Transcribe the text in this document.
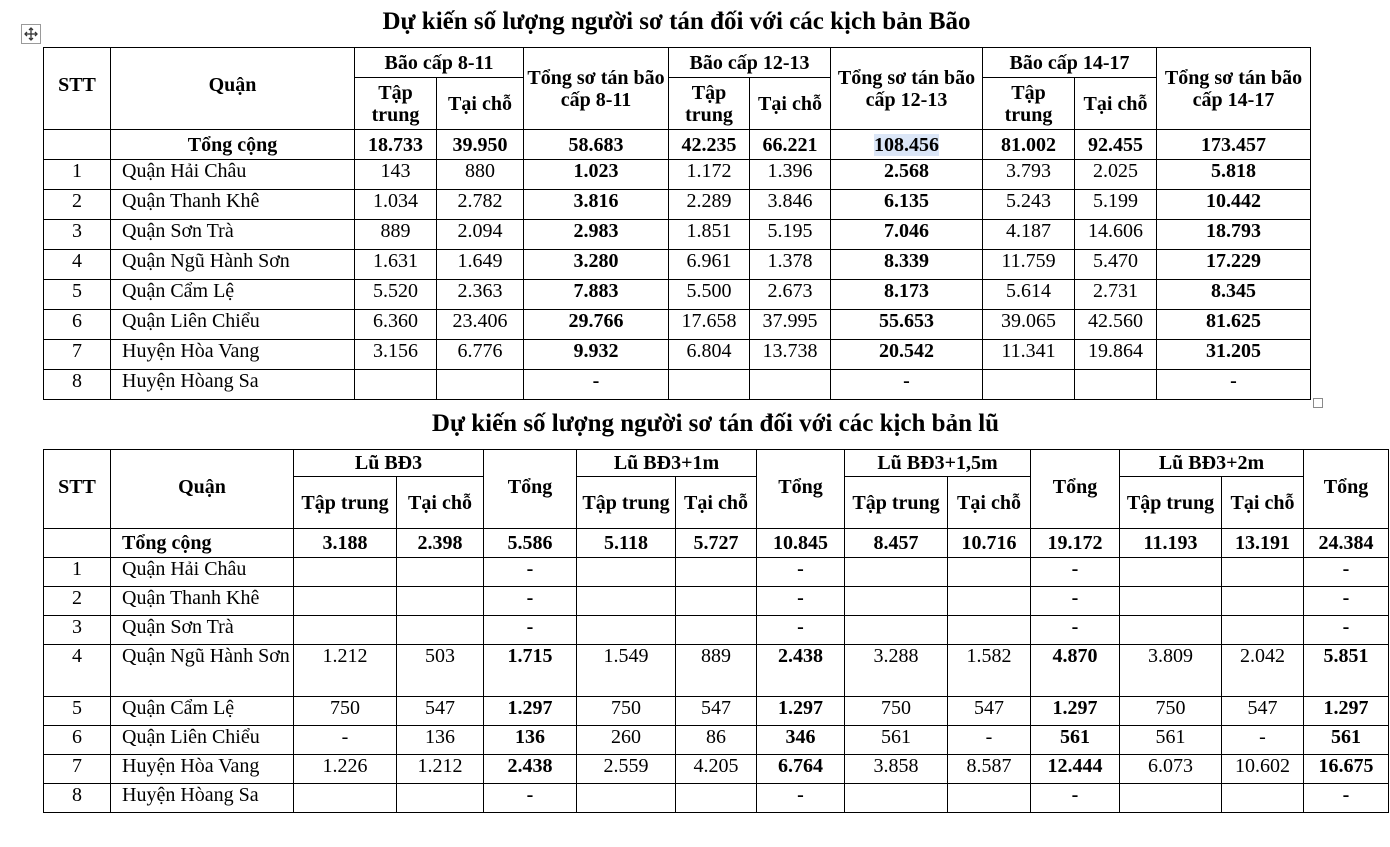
Dự kiến số lượng người sơ tán đối với các kịch bản Bão
STT	Quận	Bão cấp 8-11		Tổng sơ tán bão cấp 8-11	Bão cấp 12-13		Tổng sơ tán bão cấp 12-13	Bão cấp 14-17		Tổng sơ tán bão cấp 14-17
		Tập trung	Tại chỗ		Tập trung	Tại chỗ		Tập trung	Tại chỗ	
	Tổng cộng	18.733	39.950	58.683	42.235	66.221	108.456	81.002	92.455	173.457
1	Quận Hải Châu	143	880	1.023	1.172	1.396	2.568	3.793	2.025	5.818
2	Quận Thanh Khê	1.034	2.782	3.816	2.289	3.846	6.135	5.243	5.199	10.442
3	Quận Sơn Trà	889	2.094	2.983	1.851	5.195	7.046	4.187	14.606	18.793
4	Quận Ngũ Hành Sơn	1.631	1.649	3.280	6.961	1.378	8.339	11.759	5.470	17.229
5	Quận Cẩm Lệ	5.520	2.363	7.883	5.500	2.673	8.173	5.614	2.731	8.345
6	Quận Liên Chiểu	6.360	23.406	29.766	17.658	37.995	55.653	39.065	42.560	81.625
7	Huyện Hòa Vang	3.156	6.776	9.932	6.804	13.738	20.542	11.341	19.864	31.205
8	Huyện Hòang Sa			-			-			-
Dự kiến số lượng người sơ tán đối với các kịch bản lũ
STT	Quận	Lũ BĐ3		Tổng	Lũ BĐ3+1m		Tổng	Lũ BĐ3+1,5m		Tổng	Lũ BĐ3+2m		Tổng
		Tập trung	Tại chỗ		Tập trung	Tại chỗ		Tập trung	Tại chỗ		Tập trung	Tại chỗ	
	Tổng cộng	3.188	2.398	5.586	5.118	5.727	10.845	8.457	10.716	19.172	11.193	13.191	24.384
1	Quận Hải Châu			-			-			-			-
2	Quận Thanh Khê			-			-			-			-
3	Quận Sơn Trà			-			-			-			-
4	Quận Ngũ Hành Sơn	1.212	503	1.715	1.549	889	2.438	3.288	1.582	4.870	3.809	2.042	5.851
5	Quận Cẩm Lệ	750	547	1.297	750	547	1.297	750	547	1.297	750	547	1.297
6	Quận Liên Chiểu	-	136	136	260	86	346	561	-	561	561	-	561
7	Huyện Hòa Vang	1.226	1.212	2.438	2.559	4.205	6.764	3.858	8.587	12.444	6.073	10.602	16.675
8	Huyện Hòang Sa			-			-			-			-
